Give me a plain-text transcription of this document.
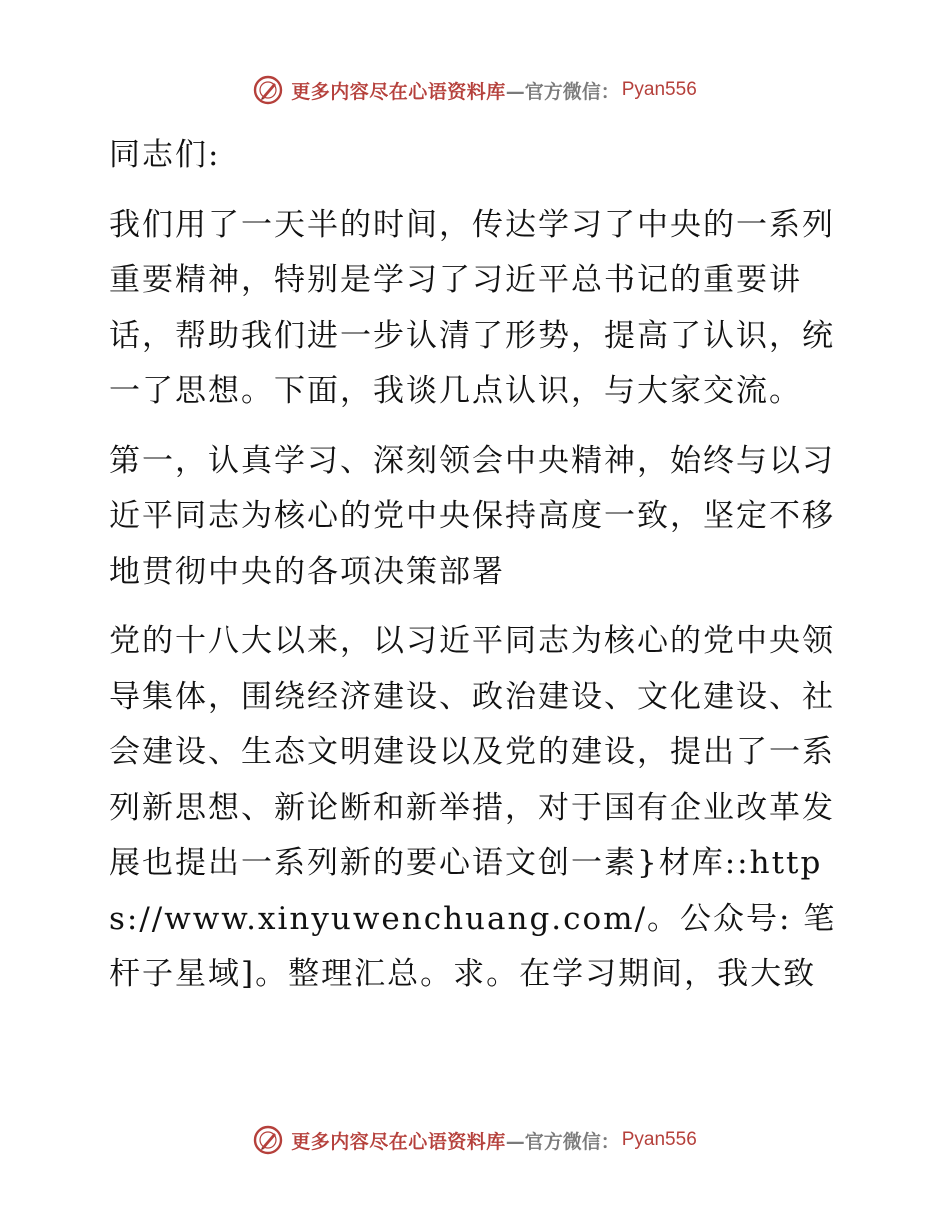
更多内容尽在心语资料库 —官方微信： Pyan556

同志们:

我们用了一天半的时间，传达学习了中央的一系列重要精神，特别是学习了习近平总书记的重要讲话，帮助我们进一步认清了形势，提高了认识，统一了思想。下面，我谈几点认识，与大家交流。

第一，认真学习、深刻领会中央精神，始终与以习近平同志为核心的党中央保持高度一致，坚定不移地贯彻中央的各项决策部署

党的十八大以来，以习近平同志为核心的党中央领导集体，围绕经济建设、政治建设、文化建设、社会建设、生态文明建设以及党的建设，提出了一系列新思想、新论断和新举措，对于国有企业改革发展也提出一系列新的要心语文创一素}材库::https://www.xinyuwenchuang.com/。公众号: 笔杆子星域]。整理汇总。求。在学习期间，我大致

更多内容尽在心语资料库 —官方微信： Pyan556
